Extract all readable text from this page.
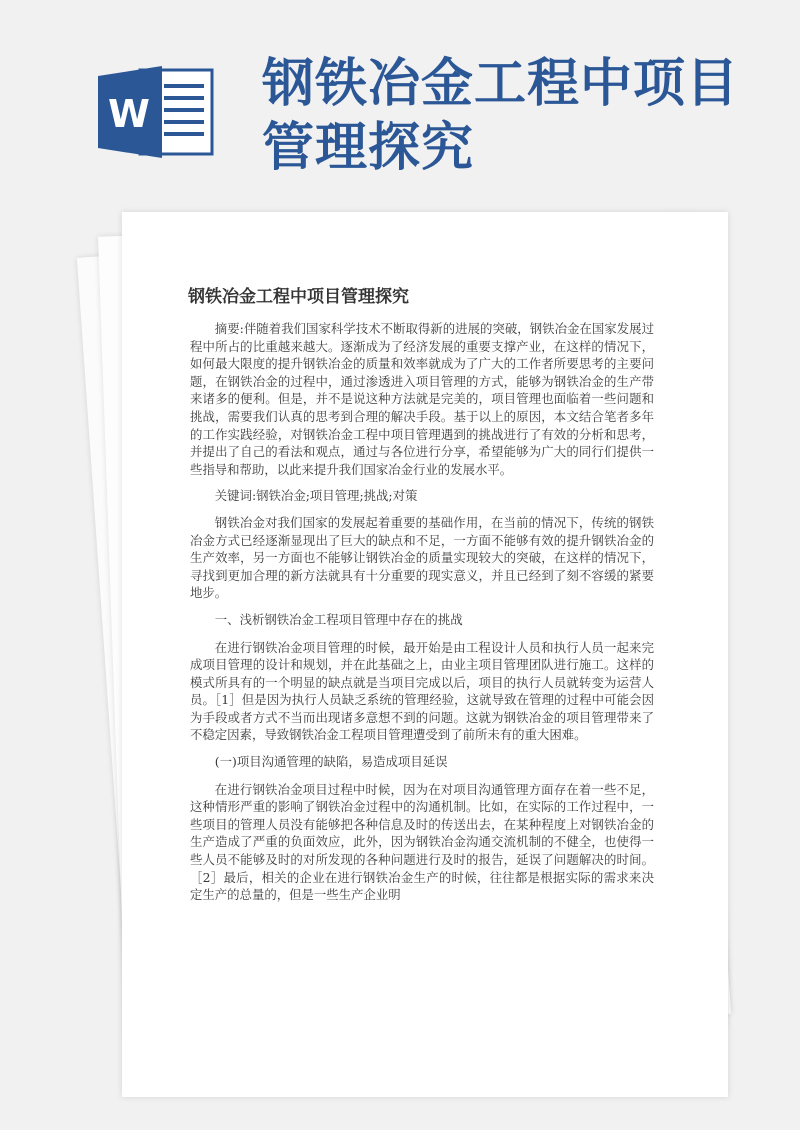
W 钢铁冶金工程中项目管理探究
钢铁冶金工程中项目管理探究

摘要:伴随着我们国家科学技术不断取得新的进展的突破，钢铁冶金在国家发展过程中所占的比重越来越大。逐渐成为了经济发展的重要支撑产业，在这样的情况下，如何最大限度的提升钢铁冶金的质量和效率就成为了广大的工作者所要思考的主要问题，在钢铁冶金的过程中，通过渗透进入项目管理的方式，能够为钢铁冶金的生产带来诸多的便利。但是，并不是说这种方法就是完美的，项目管理也面临着一些问题和挑战，需要我们认真的思考到合理的解决手段。基于以上的原因，本文结合笔者多年的工作实践经验，对钢铁冶金工程中项目管理遇到的挑战进行了有效的分析和思考，并提出了自己的看法和观点，通过与各位进行分享，希望能够为广大的同行们提供一些指导和帮助，以此来提升我们国家冶金行业的发展水平。

关键词:钢铁冶金;项目管理;挑战;对策

钢铁冶金对我们国家的发展起着重要的基础作用，在当前的情况下，传统的钢铁冶金方式已经逐渐显现出了巨大的缺点和不足，一方面不能够有效的提升钢铁冶金的生产效率，另一方面也不能够让钢铁冶金的质量实现较大的突破，在这样的情况下，寻找到更加合理的新方法就具有十分重要的现实意义，并且已经到了刻不容缓的紧要地步。

一、浅析钢铁冶金工程项目管理中存在的挑战

在进行钢铁冶金项目管理的时候，最开始是由工程设计人员和执行人员一起来完成项目管理的设计和规划，并在此基础之上，由业主项目管理团队进行施工。这样的模式所具有的一个明显的缺点就是当项目完成以后，项目的执行人员就转变为运营人员。［1］但是因为执行人员缺乏系统的管理经验，这就导致在管理的过程中可能会因为手段或者方式不当而出现诸多意想不到的问题。这就为钢铁冶金的项目管理带来了不稳定因素，导致钢铁冶金工程项目管理遭受到了前所未有的重大困难。

(一)项目沟通管理的缺陷，易造成项目延误

在进行钢铁冶金项目过程中时候，因为在对项目沟通管理方面存在着一些不足，这种情形严重的影响了钢铁冶金过程中的沟通机制。比如，在实际的工作过程中，一些项目的管理人员没有能够把各种信息及时的传送出去，在某种程度上对钢铁冶金的生产造成了严重的负面效应，此外，因为钢铁冶金沟通交流机制的不健全，也使得一些人员不能够及时的对所发现的各种问题进行及时的报告，延误了问题解决的时间。［2］最后，相关的企业在进行钢铁冶金生产的时候，往往都是根据实际的需求来决定生产的总量的，但是一些生产企业明
